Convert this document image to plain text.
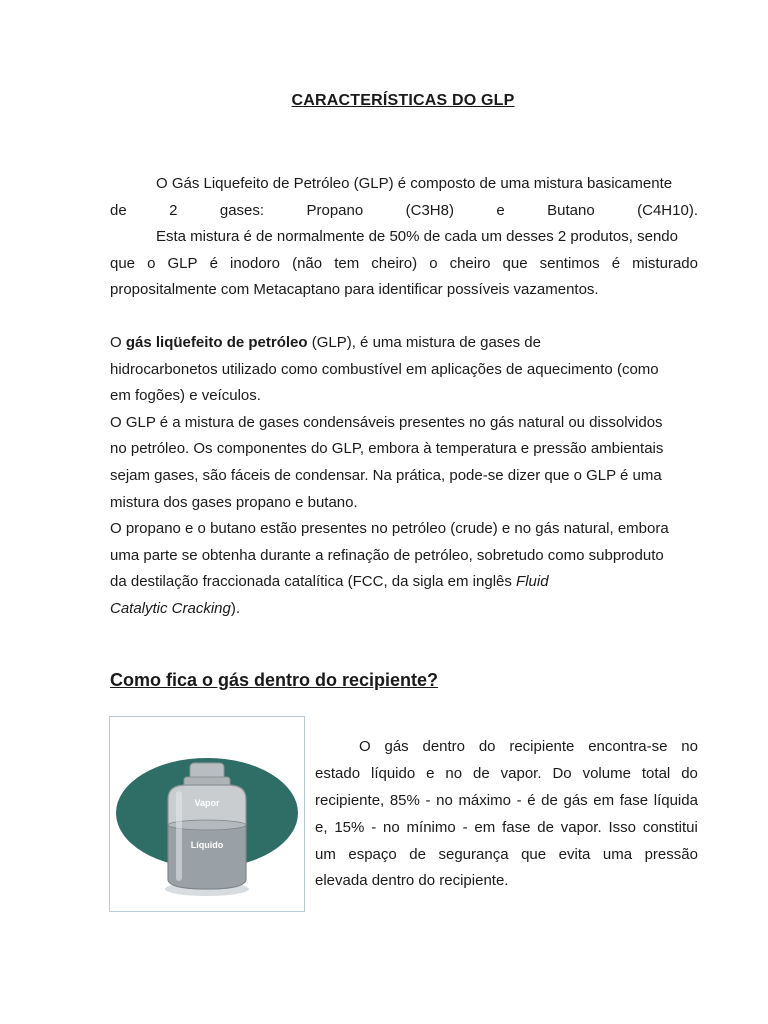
CARACTERÍSTICAS DO GLP
O Gás Liquefeito de Petróleo (GLP) é composto de uma mistura basicamente
de	2	gases:	Propano	(C3H8)	e	Butano	(C4H10).
Esta mistura é de normalmente de 50% de cada um desses 2 produtos, sendo
que o GLP é inodoro (não tem cheiro) o cheiro que sentimos é misturado
propositalmente com Metacaptano para identificar possíveis vazamentos.
O gás liqüefeito de petróleo (GLP), é uma mistura de gases de
hidrocarbonetos utilizado como combustível em aplicações de aquecimento (como
em fogões) e veículos.
O GLP é a mistura de gases condensáveis presentes no gás natural ou dissolvidos
no petróleo. Os componentes do GLP, embora à temperatura e pressão ambientais
sejam gases, são fáceis de condensar. Na prática, pode-se dizer que o GLP é uma
mistura dos gases propano e butano.
O propano e o butano estão presentes no petróleo (crude) e no gás natural, embora
uma parte se obtenha durante a refinação de petróleo, sobretudo como subproduto
da destilação fraccionada catalítica (FCC, da sigla em inglês Fluid
Catalytic Cracking).
Como fica o gás dentro do recipiente?
Vapor
Líquido
O gás dentro do recipiente encontra-se no
estado líquido e no de vapor. Do volume total do
recipiente, 85% - no máximo - é de gás em fase líquida
e, 15% - no mínimo - em fase de vapor. Isso constitui
um espaço de segurança que evita uma pressão
elevada dentro do recipiente.
